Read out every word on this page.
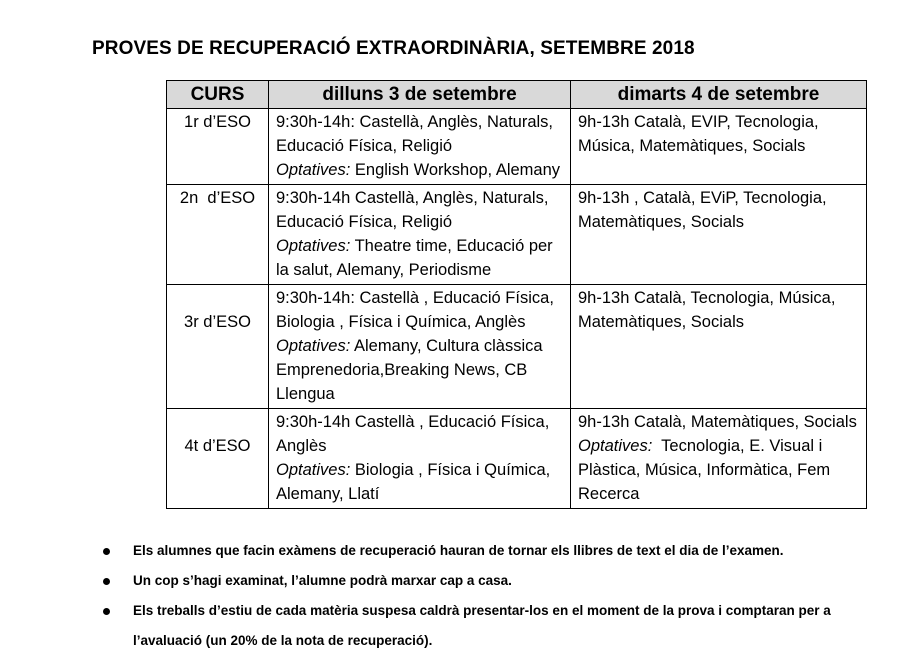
PROVES DE RECUPERACIÓ EXTRAORDINÀRIA, SETEMBRE 2018
CURS	dilluns 3 de setembre	dimarts 4 de setembre
1r d’ESO	9:30h-14h: Castellà, Anglès, Naturals,
Educació Física, Religió
Optatives: English Workshop, Alemany	9h-13h Català, EVIP, Tecnologia,
Música, Matemàtiques, Socials

2n  d’ESO	9:30h-14h Castellà, Anglès, Naturals,
Educació Física, Religió
Optatives: Theatre time, Educació per la salut, Alemany, Periodisme	9h-13h , Català, EViP, Tecnologia,
Matemàtiques, Socials

3r d’ESO	9:30h-14h: Castellà , Educació Física,
Biologia , Física i Química, Anglès
Optatives: Alemany, Cultura clàssica Emprenedoria,Breaking News, CB Llengua	9h-13h Català, Tecnologia, Música,
Matemàtiques, Socials

4t d’ESO	9:30h-14h Castellà , Educació Física,
Anglès
Optatives: Biologia , Física i Química, Alemany, Llatí	9h-13h Català, Matemàtiques, Socials
Optatives:  Tecnologia, E. Visual i Plàstica, Música, Informàtica, Fem Recerca
Els alumnes que facin exàmens de recuperació hauran de tornar els llibres de text el dia de l’examen.
Un cop s’hagi examinat, l’alumne podrà marxar cap a casa.
Els treballs d’estiu de cada matèria suspesa caldrà presentar-los en el moment de la prova i comptaran per a l’avaluació (un 20% de la nota de recuperació).
